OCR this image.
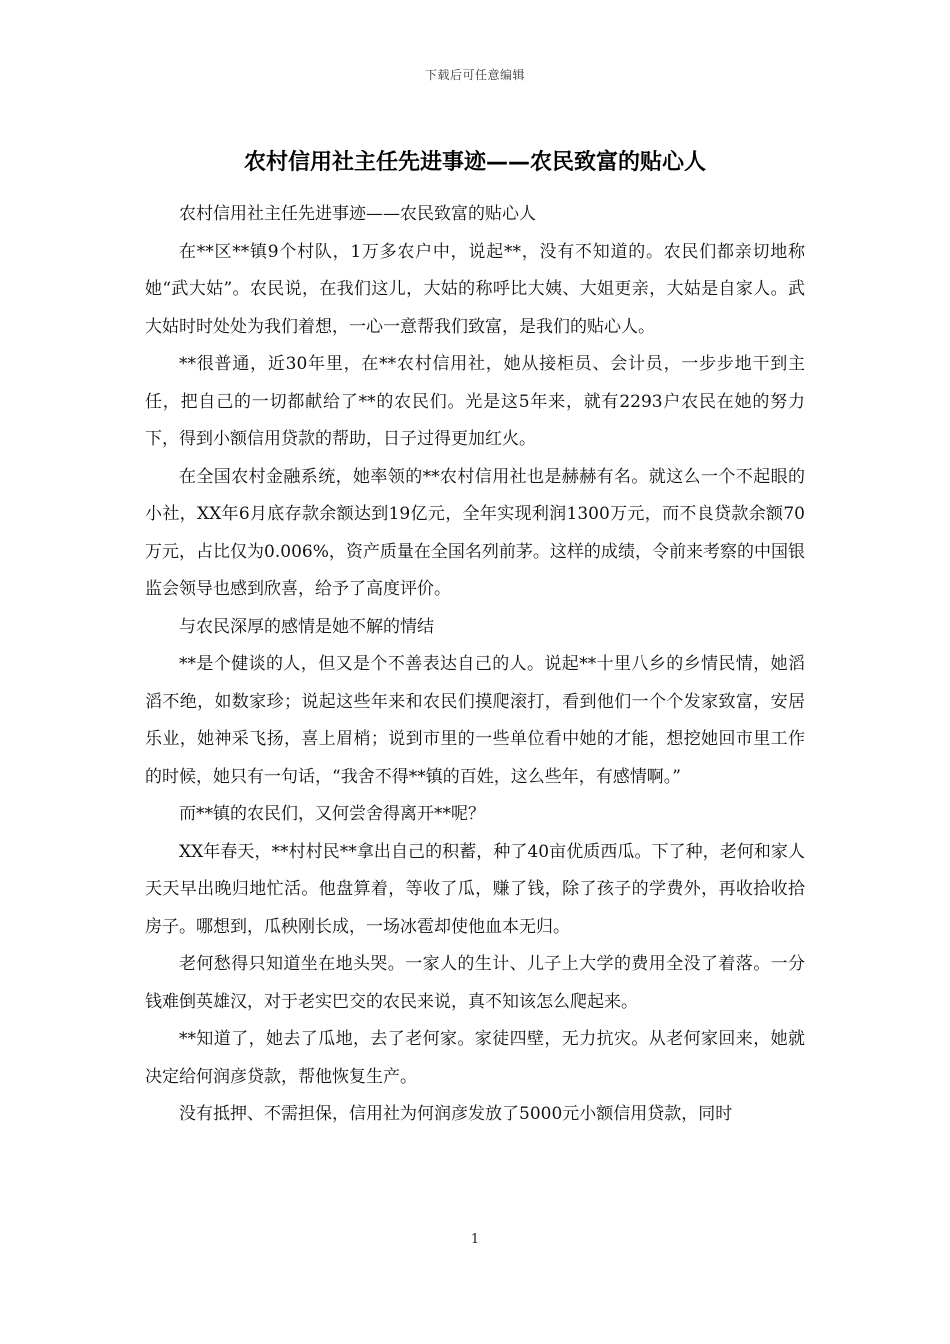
下载后可任意编辑
农村信用社主任先进事迹——农民致富的贴心人

农村信用社主任先进事迹——农民致富的贴心人

在**区**镇9个村队，1万多农户中，说起**，没有不知道的。农民们都亲切地称她“武大姑”。农民说，在我们这儿，大姑的称呼比大姨、大姐更亲，大姑是自家人。武大姑时时处处为我们着想，一心一意帮我们致富，是我们的贴心人。

**很普通，近30年里，在**农村信用社，她从接柜员、会计员，一步步地干到主任，把自己的一切都献给了**的农民们。光是这5年来，就有2293户农民在她的努力下，得到小额信用贷款的帮助，日子过得更加红火。

在全国农村金融系统，她率领的**农村信用社也是赫赫有名。就这么一个不起眼的小社，XX年6月底存款余额达到19亿元，全年实现利润1300万元，而不良贷款余额70万元，占比仅为0.006%，资产质量在全国名列前茅。这样的成绩，令前来考察的中国银监会领导也感到欣喜，给予了高度评价。

与农民深厚的感情是她不解的情结

**是个健谈的人，但又是个不善表达自己的人。说起**十里八乡的乡情民情，她滔滔不绝，如数家珍；说起这些年来和农民们摸爬滚打，看到他们一个个发家致富，安居乐业，她神采飞扬，喜上眉梢；说到市里的一些单位看中她的才能，想挖她回市里工作的时候，她只有一句话，“我舍不得**镇的百姓，这么些年，有感情啊。”

而**镇的农民们，又何尝舍得离开**呢？

XX年春天，**村村民**拿出自己的积蓄，种了40亩优质西瓜。下了种，老何和家人天天早出晚归地忙活。他盘算着，等收了瓜，赚了钱，除了孩子的学费外，再收拾收拾房子。哪想到，瓜秧刚长成，一场冰雹却使他血本无归。

老何愁得只知道坐在地头哭。一家人的生计、儿子上大学的费用全没了着落。一分钱难倒英雄汉，对于老实巴交的农民来说，真不知该怎么爬起来。

**知道了，她去了瓜地，去了老何家。家徒四壁，无力抗灾。从老何家回来，她就决定给何润彦贷款，帮他恢复生产。

没有抵押、不需担保，信用社为何润彦发放了5000元小额信用贷款，同时

1
